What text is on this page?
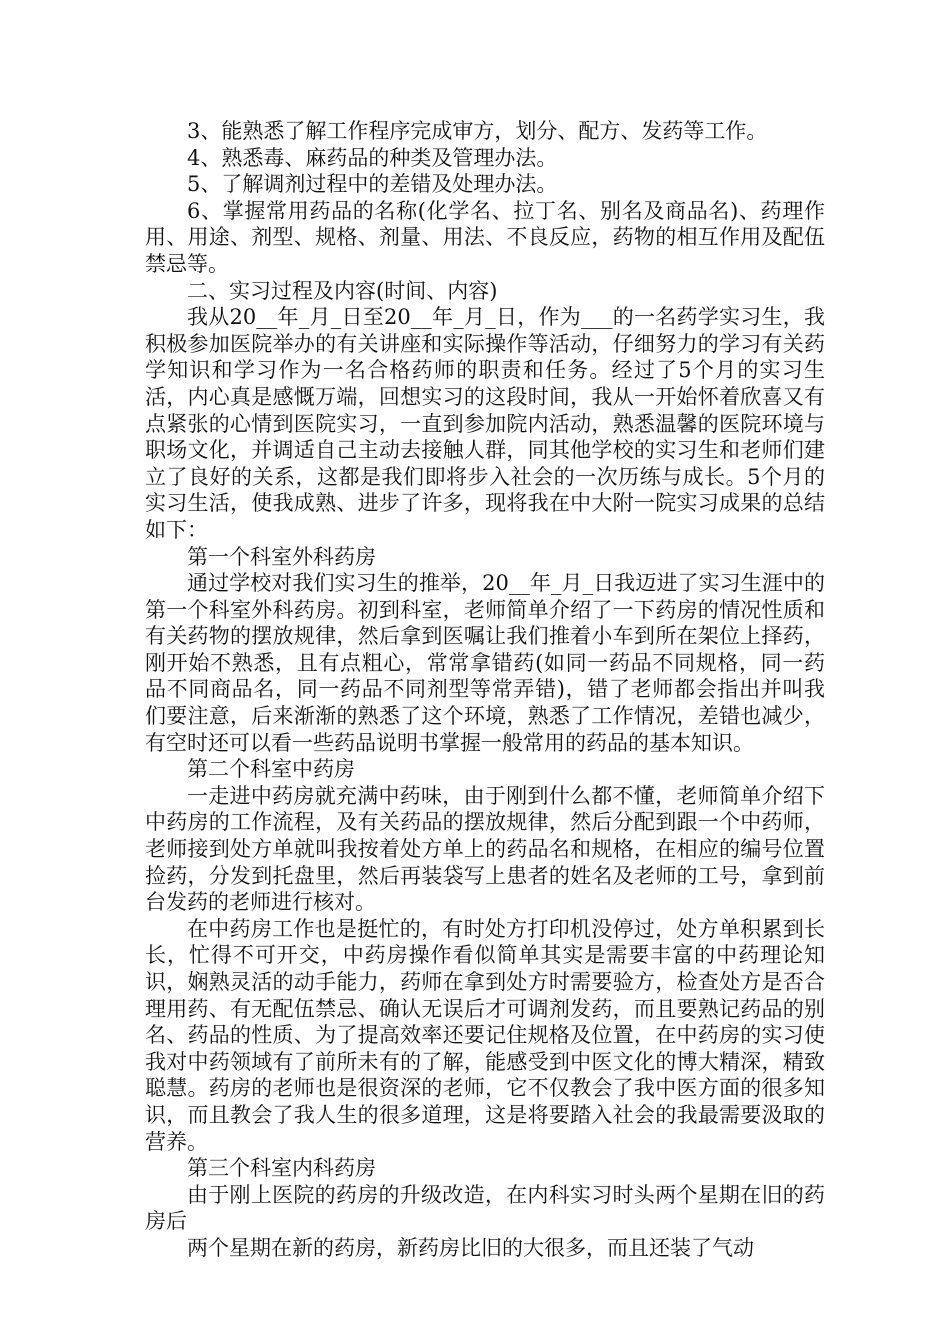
3、能熟悉了解工作程序完成审方，划分、配方、发药等工作。

4、熟悉毒、麻药品的种类及管理办法。

5、了解调剂过程中的差错及处理办法。

6、掌握常用药品的名称(化学名、拉丁名、别名及商品名)、药理作用、用途、剂型、规格、剂量、用法、不良反应，药物的相互作用及配伍禁忌等。

二、实习过程及内容(时间、内容)

我从20__年_月_日至20__年_月_日，作为___的一名药学实习生，我积极参加医院举办的有关讲座和实际操作等活动，仔细努力的学习有关药学知识和学习作为一名合格药师的职责和任务。经过了5个月的实习生活，内心真是感慨万端，回想实习的这段时间，我从一开始怀着欣喜又有点紧张的心情到医院实习，一直到参加院内活动，熟悉温馨的医院环境与职场文化，并调适自己主动去接触人群，同其他学校的实习生和老师们建立了良好的关系，这都是我们即将步入社会的一次历练与成长。5个月的实习生活，使我成熟、进步了许多，现将我在中大附一院实习成果的总结如下：

第一个科室外科药房

通过学校对我们实习生的推举，20__年_月_日我迈进了实习生涯中的第一个科室外科药房。初到科室，老师简单介绍了一下药房的情况性质和有关药物的摆放规律，然后拿到医嘱让我们推着小车到所在架位上择药，刚开始不熟悉，且有点粗心，常常拿错药(如同一药品不同规格，同一药品不同商品名，同一药品不同剂型等常弄错)，错了老师都会指出并叫我们要注意，后来渐渐的熟悉了这个环境，熟悉了工作情况，差错也减少，有空时还可以看一些药品说明书掌握一般常用的药品的基本知识。

第二个科室中药房

一走进中药房就充满中药味，由于刚到什么都不懂，老师简单介绍下中药房的工作流程，及有关药品的摆放规律，然后分配到跟一个中药师，老师接到处方单就叫我按着处方单上的药品名和规格，在相应的编号位置捡药，分发到托盘里，然后再装袋写上患者的姓名及老师的工号，拿到前台发药的老师进行核对。

在中药房工作也是挺忙的，有时处方打印机没停过，处方单积累到长长，忙得不可开交，中药房操作看似简单其实是需要丰富的中药理论知识，娴熟灵活的动手能力，药师在拿到处方时需要验方，检查处方是否合理用药、有无配伍禁忌、确认无误后才可调剂发药，而且要熟记药品的别名、药品的性质、为了提高效率还要记住规格及位置，在中药房的实习使我对中药领域有了前所未有的了解，能感受到中医文化的博大精深，精致聪慧。药房的老师也是很资深的老师，它不仅教会了我中医方面的很多知识，而且教会了我人生的很多道理，这是将要踏入社会的我最需要汲取的营养。

第三个科室内科药房

由于刚上医院的药房的升级改造，在内科实习时头两个星期在旧的药房后

两个星期在新的药房，新药房比旧的大很多，而且还装了气动
